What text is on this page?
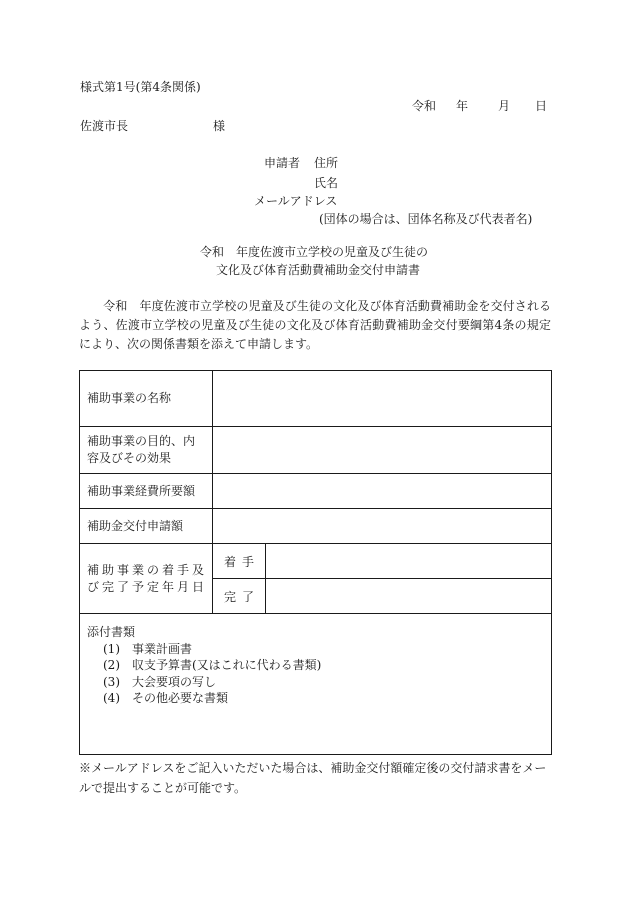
様式第1号(第4条関係)
令和 年	月 日
佐渡市長	様
申請者 住所
氏名
メールアドレス
(団体の場合は、団体名称及び代表者名)
令和　年度佐渡市立学校の児童及び生徒の
文化及び体育活動費補助金交付申請書
　　令和　年度佐渡市立学校の児童及び生徒の文化及び体育活動費補助金を交付されるよう、佐渡市立学校の児童及び生徒の文化及び体育活動費補助金交付要綱第4条の規定により、次の関係書類を添えて申請します。
補助事業の名称
補助事業の目的、内容及びその効果
補助事業経費所要額
補助金交付申請額
補助事業の着手及び完了予定年月日
着手
完了
添付書類
(1) 事業計画書
(2) 収支予算書(又はこれに代わる書類)
(3) 大会要項の写し
(4) その他必要な書類
※メールアドレスをご記入いただいた場合は、補助金交付額確定後の交付請求書をメールで提出することが可能です。
